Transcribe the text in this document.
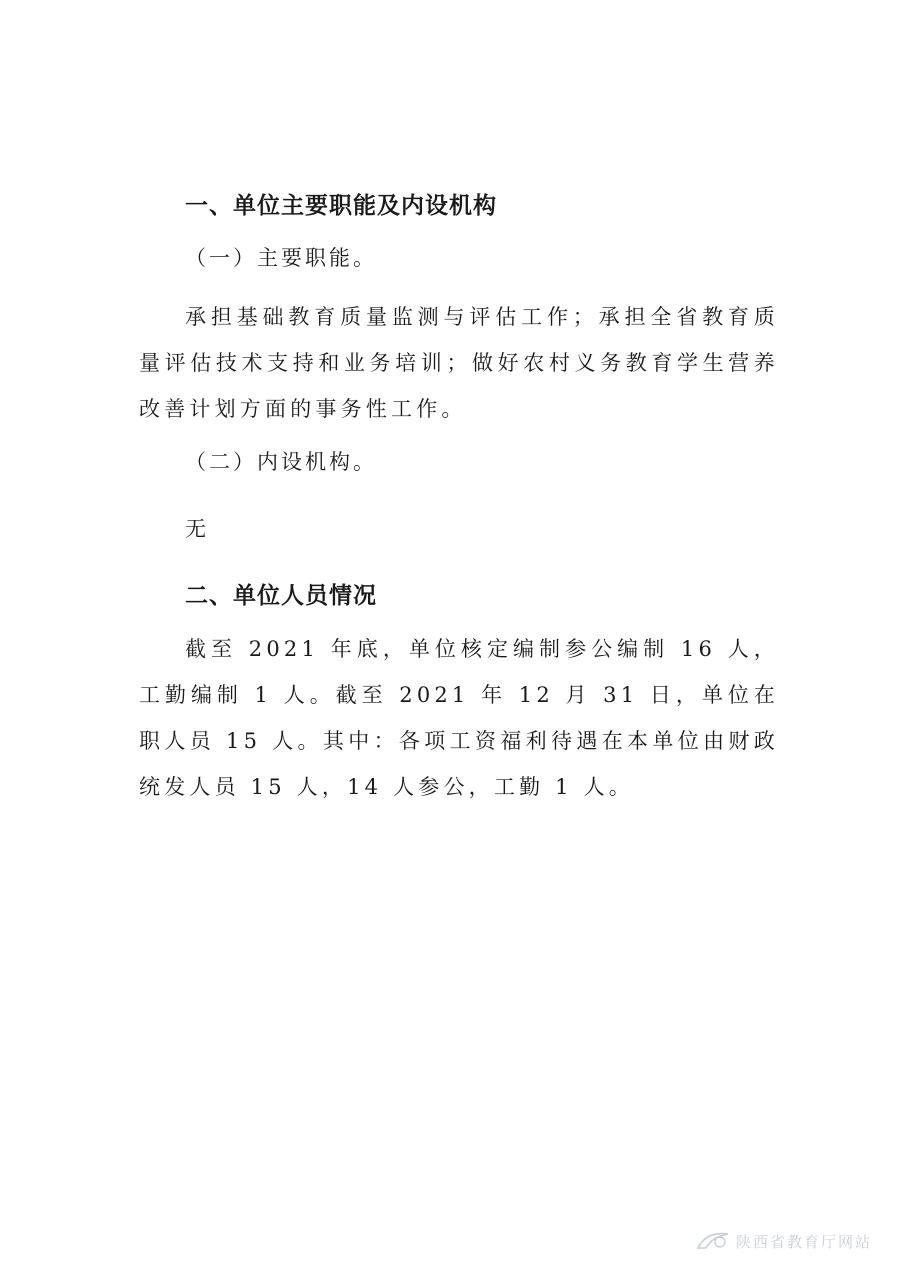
一、单位主要职能及内设机构

（一）主要职能。

承担基础教育质量监测与评估工作；承担全省教育质量评估技术支持和业务培训；做好农村义务教育学生营养改善计划方面的事务性工作。

（二）内设机构。

无

二、单位人员情况

截至 2021 年底，单位核定编制参公编制 16 人，工勤编制 1 人。截至 2021 年 12 月 31 日，单位在职人员 15 人。其中：各项工资福利待遇在本单位由财政统发人员 15 人，14 人参公，工勤 1 人。

陕西省教育厅网站
